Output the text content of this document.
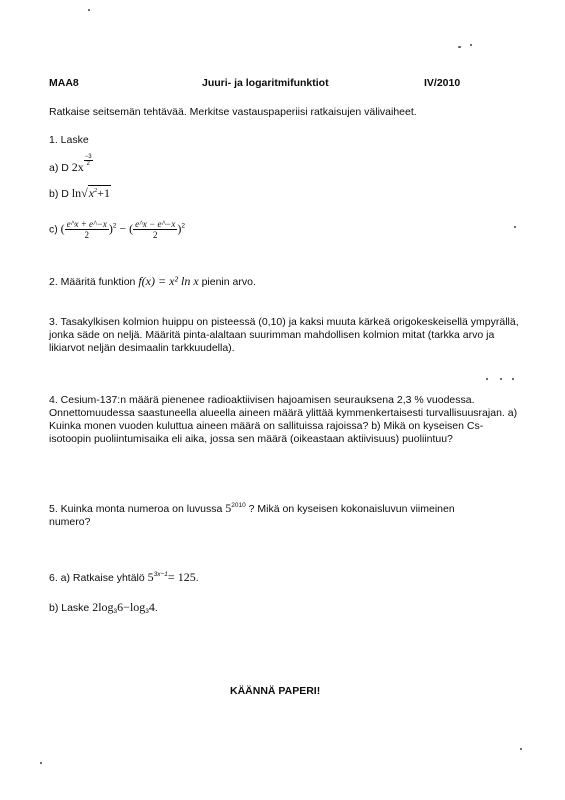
MAA8	Juuri- ja logaritmifunktiot	IV/2010
Ratkaise seitsemän tehtävää. Merkitse vastauspaperiisi ratkaisujen välivaiheet.
1. Laske
a) D $2x \frac{-3}{2}$
b) D $\ln√x^2+1$
c) ( $\frac{e\^{}x + e\^{}-x}{2} )^2$ − ( $\frac{e\^{}x - e\^{}-x}{2} )^2$
2. Määritä funktion f(x) = x² ln x pienin arvo.
3. Tasakylkisen kolmion huippu on pisteessä (0,10) ja kaksi muuta kärkeä origokeskeisellä ympyrällä, jonka säde on neljä. Määritä pinta-alaltaan suurimman mahdollisen kolmion mitat (tarkka arvo ja likiarvot neljän desimaalin tarkkuudella).
4. Cesium-137:n määrä pienenee radioaktiivisen hajoamisen seurauksena 2,3 % vuodessa. Onnettomuudessa saastuneella alueella aineen määrä ylittää kymmenkertaisesti turvallisuusrajan. a) Kuinka monen vuoden kuluttua aineen määrä on sallituissa rajoissa? b) Mikä on kyseisen Cs-isotoopin puoliintumisaika eli aika, jossa sen määrä (oikeastaan aktiivisuus) puoliintuu?
5. Kuinka monta numeroa on luvussa $5^{2010}$ ? Mikä on kyseisen kokonaisluvun viimeinen
numero?
6. a) Ratkaise yhtälö $5^{3x-1}= 125$.
b) Laske $2\log_36-\log_34$.
KÄÄNNÄ PAPERI!
